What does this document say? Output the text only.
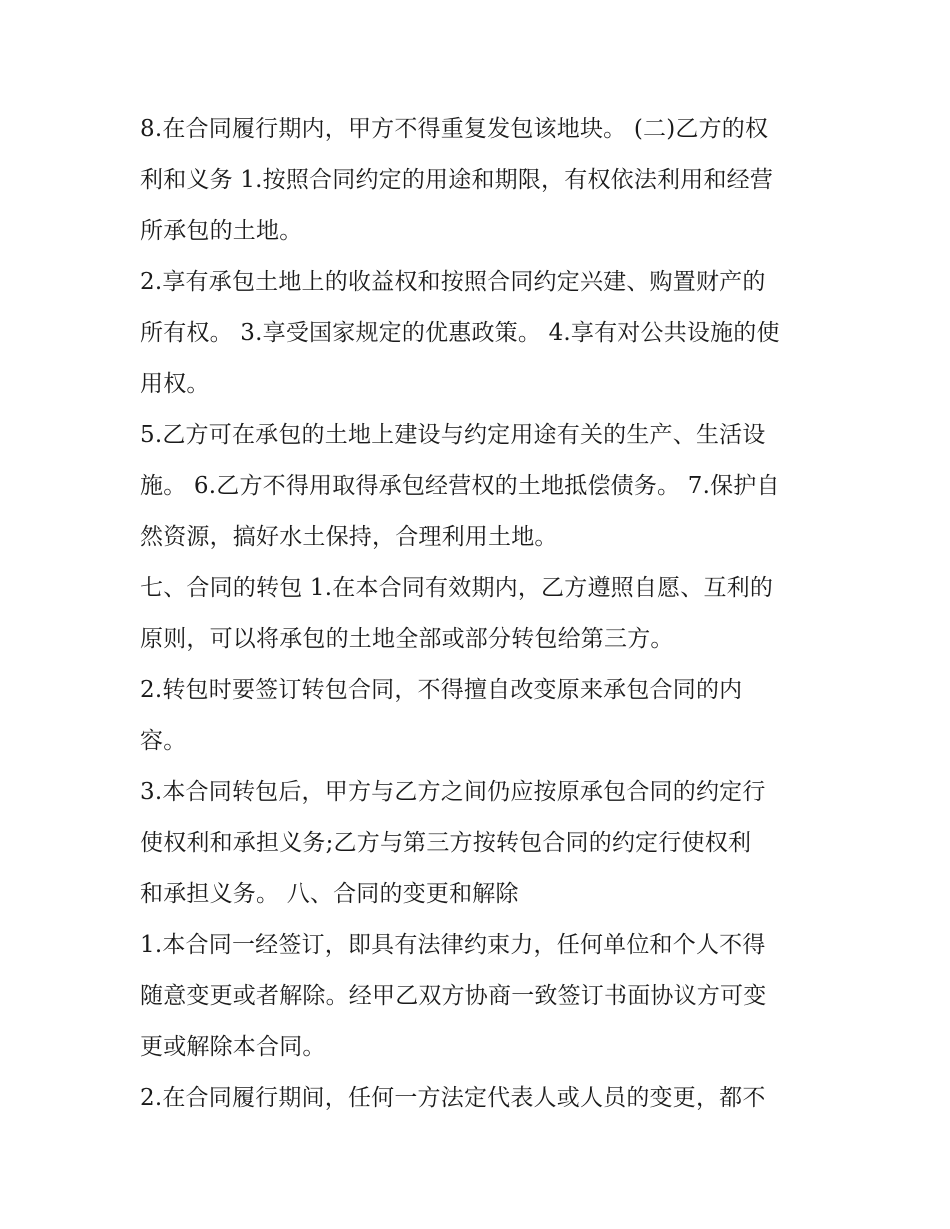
8.在合同履行期内，甲方不得重复发包该地块。 (二)乙方的权
利和义务 1.按照合同约定的用途和期限，有权依法利用和经营
所承包的土地。

2.享有承包土地上的收益权和按照合同约定兴建、购置财产的
所有权。 3.享受国家规定的优惠政策。 4.享有对公共设施的使
用权。

5.乙方可在承包的土地上建设与约定用途有关的生产、生活设
施。 6.乙方不得用取得承包经营权的土地抵偿债务。 7.保护自
然资源，搞好水土保持，合理利用土地。

七、合同的转包 1.在本合同有效期内，乙方遵照自愿、互利的
原则，可以将承包的土地全部或部分转包给第三方。

2.转包时要签订转包合同，不得擅自改变原来承包合同的内
容。

3.本合同转包后，甲方与乙方之间仍应按原承包合同的约定行
使权利和承担义务;乙方与第三方按转包合同的约定行使权利
和承担义务。 八、合同的变更和解除

1.本合同一经签订，即具有法律约束力，任何单位和个人不得
随意变更或者解除。经甲乙双方协商一致签订书面协议方可变
更或解除本合同。

2.在合同履行期间，任何一方法定代表人或人员的变更，都不
